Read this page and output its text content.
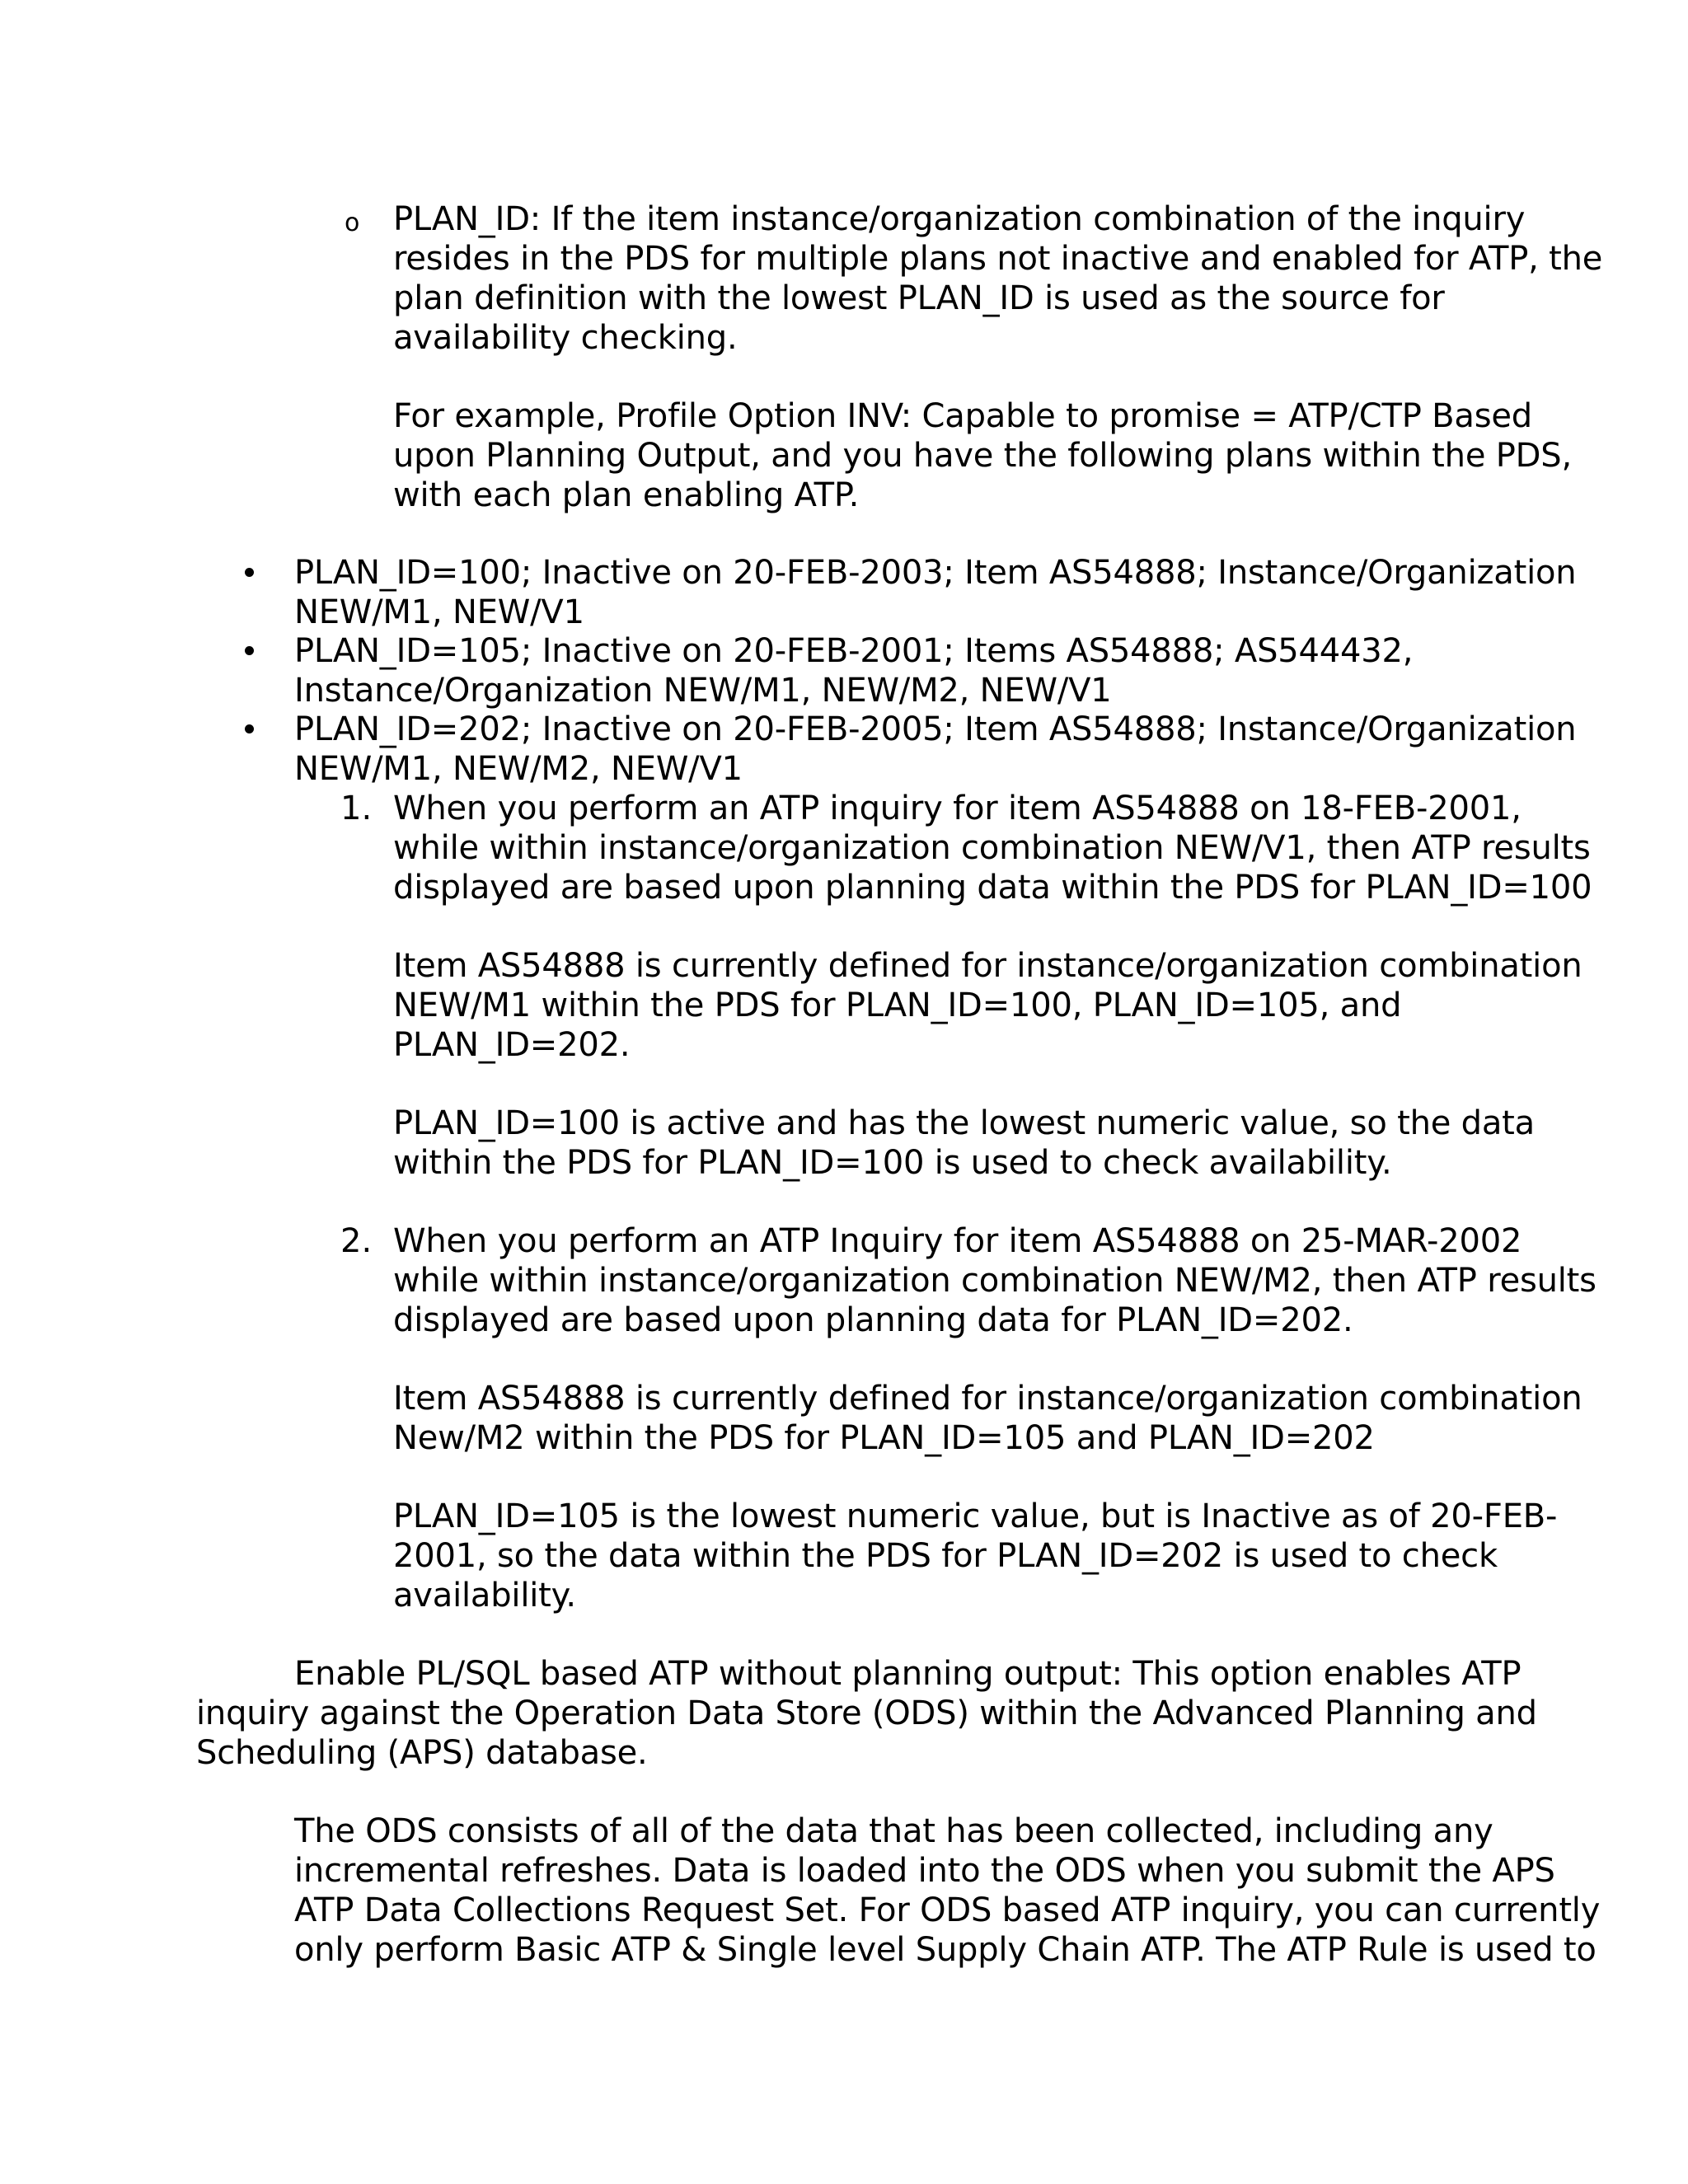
o PLAN_ID: If the item instance/organization combination of the inquiry
resides in the PDS for multiple plans not inactive and enabled for ATP, the
plan definition with the lowest PLAN_ID is used as the source for
availability checking.
For example, Profile Option INV: Capable to promise = ATP/CTP Based
upon Planning Output, and you have the following plans within the PDS,
with each plan enabling ATP.
PLAN_ID=100; Inactive on 20-FEB-2003; Item AS54888; Instance/Organization
NEW/M1, NEW/V1
PLAN_ID=105; Inactive on 20-FEB-2001; Items AS54888; AS544432,
Instance/Organization NEW/M1, NEW/M2, NEW/V1
PLAN_ID=202; Inactive on 20-FEB-2005; Item AS54888; Instance/Organization
NEW/M1, NEW/M2, NEW/V1
1. When you perform an ATP inquiry for item AS54888 on 18-FEB-2001,
while within instance/organization combination NEW/V1, then ATP results
displayed are based upon planning data within the PDS for PLAN_ID=100
Item AS54888 is currently defined for instance/organization combination
NEW/M1 within the PDS for PLAN_ID=100, PLAN_ID=105, and
PLAN_ID=202.
PLAN_ID=100 is active and has the lowest numeric value, so the data
within the PDS for PLAN_ID=100 is used to check availability.
2. When you perform an ATP Inquiry for item AS54888 on 25-MAR-2002
while within instance/organization combination NEW/M2, then ATP results
displayed are based upon planning data for PLAN_ID=202.
Item AS54888 is currently defined for instance/organization combination
New/M2 within the PDS for PLAN_ID=105 and PLAN_ID=202
PLAN_ID=105 is the lowest numeric value, but is Inactive as of 20-FEB-
2001, so the data within the PDS for PLAN_ID=202 is used to check
availability.
Enable PL/SQL based ATP without planning output: This option enables ATP
inquiry against the Operation Data Store (ODS) within the Advanced Planning and
Scheduling (APS) database.
The ODS consists of all of the data that has been collected, including any
incremental refreshes. Data is loaded into the ODS when you submit the APS
ATP Data Collections Request Set. For ODS based ATP inquiry, you can currently
only perform Basic ATP & Single level Supply Chain ATP. The ATP Rule is used to
